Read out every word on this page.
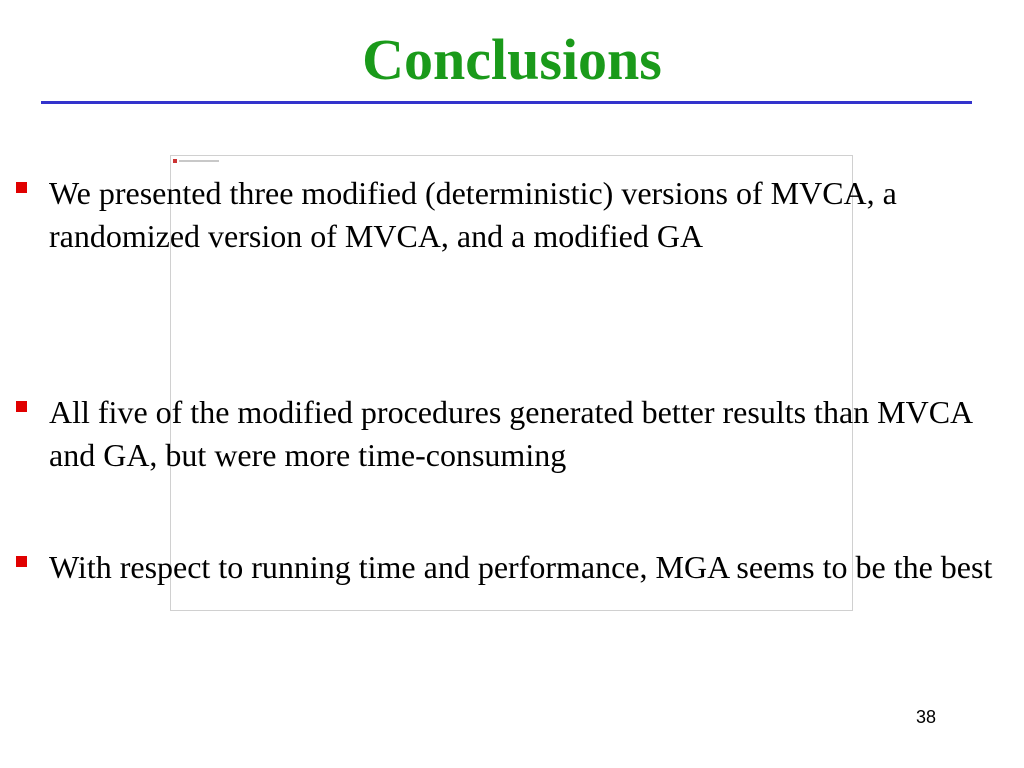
Conclusions
We presented three modified (deterministic) versions of MVCA, a randomized version of MVCA, and a modified GA
All five of the modified procedures generated better results than MVCA and GA, but were more time-consuming
With respect to running time and performance, MGA seems to be the best
38
